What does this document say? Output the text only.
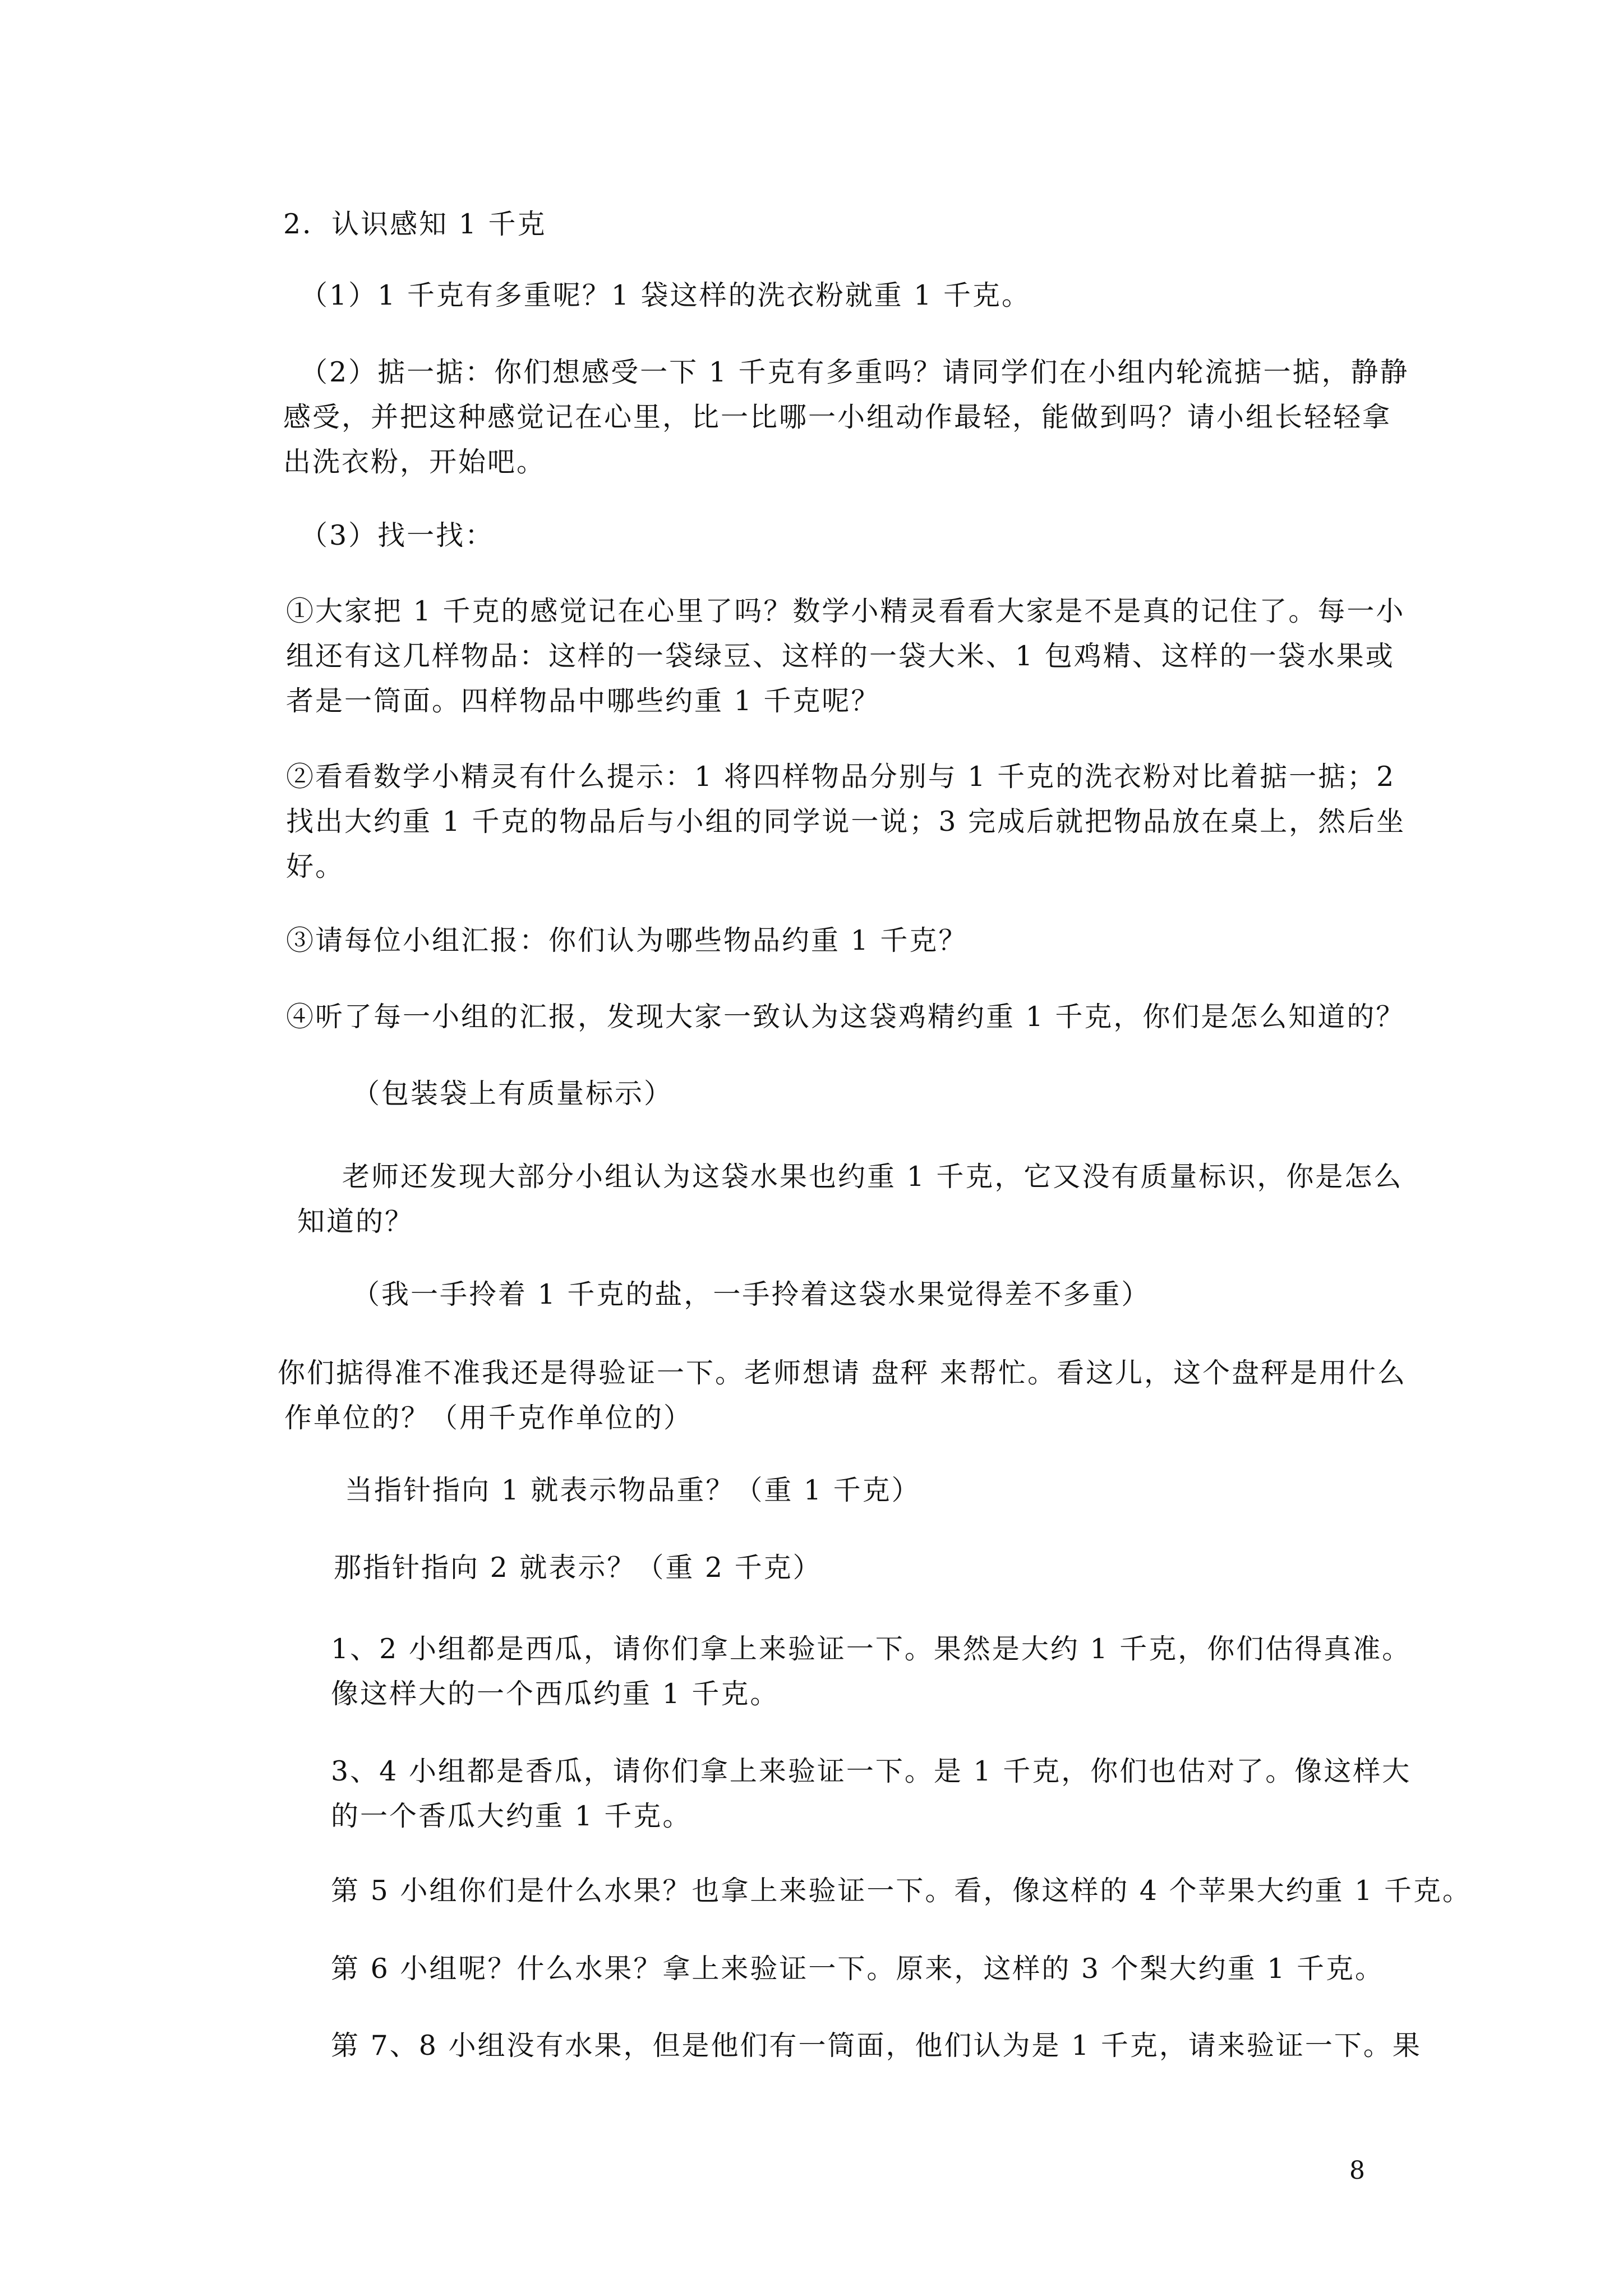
2．认识感知 1 千克
（1）1 千克有多重呢？1 袋这样的洗衣粉就重 1 千克。
（2）掂一掂：你们想感受一下 1 千克有多重吗？请同学们在小组内轮流掂一掂，静静
感受，并把这种感觉记在心里，比一比哪一小组动作最轻，能做到吗？请小组长轻轻拿
出洗衣粉，开始吧。
（3）找一找：
①大家把 1 千克的感觉记在心里了吗？数学小精灵看看大家是不是真的记住了。每一小
组还有这几样物品：这样的一袋绿豆、这样的一袋大米、1 包鸡精、这样的一袋水果或
者是一筒面。四样物品中哪些约重 1 千克呢？
②看看数学小精灵有什么提示：1 将四样物品分别与 1 千克的洗衣粉对比着掂一掂；2
找出大约重 1 千克的物品后与小组的同学说一说；3 完成后就把物品放在桌上，然后坐
好。
③请每位小组汇报：你们认为哪些物品约重 1 千克？
④听了每一小组的汇报，发现大家一致认为这袋鸡精约重 1 千克，你们是怎么知道的？
（包装袋上有质量标示）
老师还发现大部分小组认为这袋水果也约重 1 千克，它又没有质量标识，你是怎么
知道的？
（我一手拎着 1 千克的盐，一手拎着这袋水果觉得差不多重）
你们掂得准不准我还是得验证一下。老师想请 盘秤 来帮忙。看这儿，这个盘秤是用什么
作单位的？（用千克作单位的）
当指针指向 1 就表示物品重？（重 1 千克）
那指针指向 2 就表示？（重 2 千克）
1、2 小组都是西瓜，请你们拿上来验证一下。果然是大约 1 千克，你们估得真准。
像这样大的一个西瓜约重 1 千克。
3、4 小组都是香瓜，请你们拿上来验证一下。是 1 千克，你们也估对了。像这样大
的一个香瓜大约重 1 千克。
第 5 小组你们是什么水果？也拿上来验证一下。看，像这样的 4 个苹果大约重 1 千克。
第 6 小组呢？什么水果？拿上来验证一下。原来，这样的 3 个梨大约重 1 千克。
第 7、8 小组没有水果，但是他们有一筒面，他们认为是 1 千克，请来验证一下。果
8
